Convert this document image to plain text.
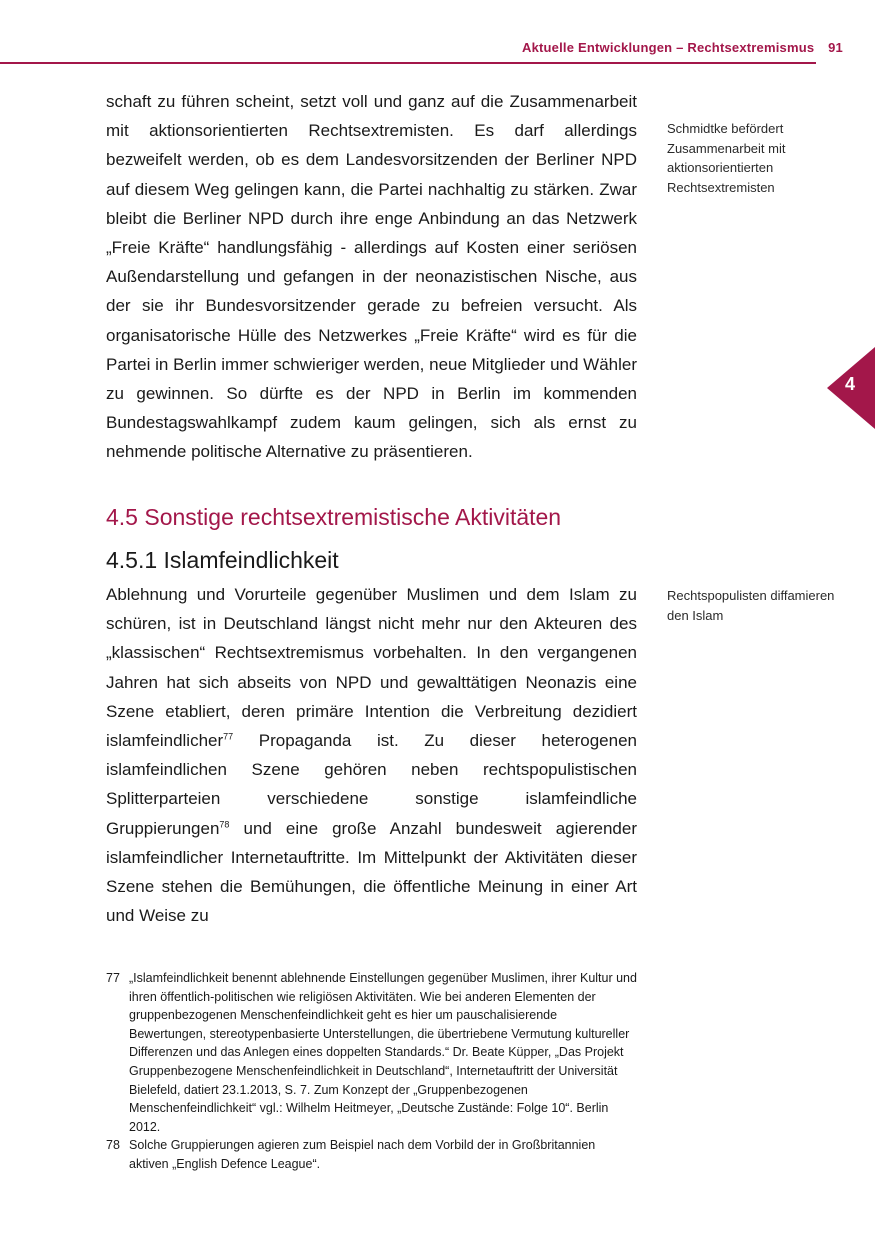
Aktuelle Entwicklungen – Rechtsextremismus 91
4

schaft zu führen scheint, setzt voll und ganz auf die Zusammenarbeit mit aktionsorientierten Rechtsextremisten. Es darf allerdings bezweifelt werden, ob es dem Landesvorsitzenden der Berliner NPD auf diesem Weg gelingen kann, die Partei nachhaltig zu stärken. Zwar bleibt die Berliner NPD durch ihre enge Anbindung an das Netzwerk „Freie Kräfte“ handlungsfähig - allerdings auf Kosten einer seriösen Außendarstellung und gefangen in der neonazistischen Nische, aus der sie ihr Bundesvorsitzender gerade zu befreien versucht. Als organisatorische Hülle des Netzwerkes „Freie Kräfte“ wird es für die Partei in Berlin immer schwieriger werden, neue Mitglieder und Wähler zu gewinnen. So dürfte es der NPD in Berlin im kommenden Bundestagswahlkampf zudem kaum gelingen, sich als ernst zu nehmende politische Alternative zu präsentieren.

Schmidtke befördert Zusammenarbeit mit aktionsorientierten Rechtsextremisten
4.5 Sonstige rechtsextremistische Aktivitäten
4.5.1 Islamfeindlichkeit

Ablehnung und Vorurteile gegenüber Muslimen und dem Islam zu schüren, ist in Deutschland längst nicht mehr nur den Akteuren des „klassischen“ Rechtsextremismus vorbehalten. In den vergangenen Jahren hat sich abseits von NPD und gewalttätigen Neonazis eine Szene etabliert, deren primäre Intention die Verbreitung dezidiert islamfeindlicher$^{77}$ Propaganda ist. Zu dieser heterogenen islamfeindlichen Szene gehören neben rechtspopulistischen Splitterparteien verschiedene sonstige islamfeindliche Gruppierungen$^{78}$ und eine große Anzahl bundesweit agierender islamfeindlicher Internetauftritte. Im Mittelpunkt der Aktivitäten dieser Szene stehen die Bemühungen, die öffentliche Meinung in einer Art und Weise zu

Rechtspopulisten diffamieren den Islam
77 „Islamfeindlichkeit benennt ablehnende Einstellungen gegenüber Muslimen, ihrer Kultur und ihren öffentlich-politischen wie religiösen Aktivitäten. Wie bei anderen Elementen der gruppenbezogenen Menschenfeindlichkeit geht es hier um pauschalisierende Bewertungen, stereotypenbasierte Unterstellungen, die übertriebene Vermutung kultureller Differenzen und das Anlegen eines doppelten Standards.“ Dr. Beate Küpper, „Das Projekt Gruppenbezogene Menschenfeindlichkeit in Deutschland“, Internetauftritt der Universität Bielefeld, datiert 23.1.2013, S. 7. Zum Konzept der „Gruppenbezogenen Menschenfeindlichkeit“ vgl.: Wilhelm Heitmeyer, „Deutsche Zustände: Folge 10“. Berlin 2012.
78 Solche Gruppierungen agieren zum Beispiel nach dem Vorbild der in Großbritannien aktiven „English Defence League“.
